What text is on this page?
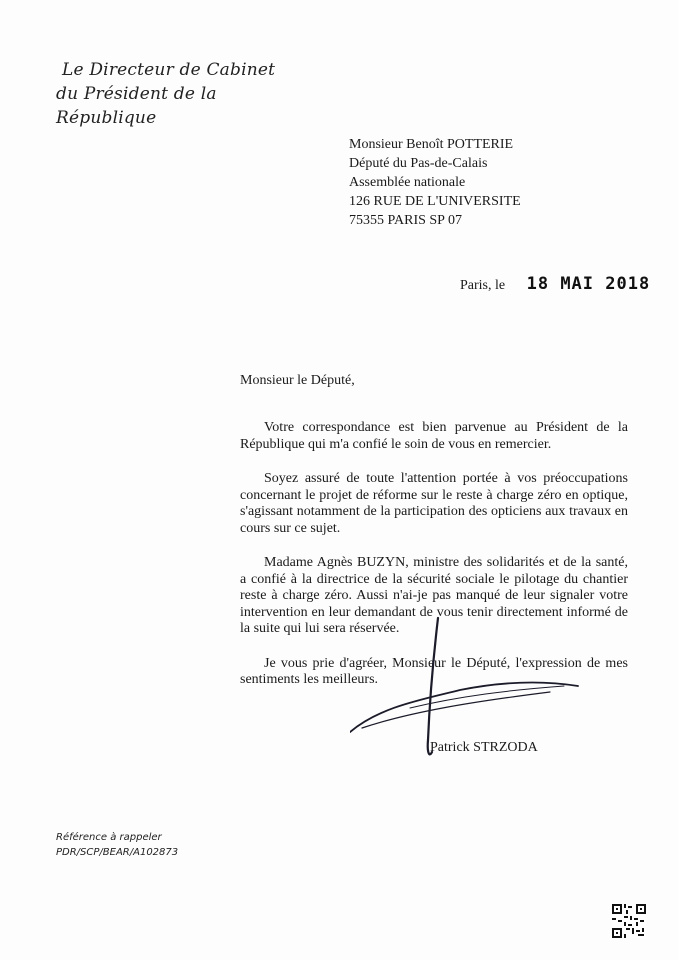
Le Directeur de Cabinet
du Président de la République
Monsieur Benoît POTTERIE
Député du Pas-de-Calais
Assemblée nationale
126 RUE DE L'UNIVERSITE
75355 PARIS SP 07
Paris, le 18 MAI 2018
Monsieur le Député,

Votre correspondance est bien parvenue au Président de la République qui m'a confié le soin de vous en remercier.

Soyez assuré de toute l'attention portée à vos préoccupations concernant le projet de réforme sur le reste à charge zéro en optique, s'agissant notamment de la participation des opticiens aux travaux en cours sur ce sujet.

Madame Agnès BUZYN, ministre des solidarités et de la santé, a confié à la directrice de la sécurité sociale le pilotage du chantier reste à charge zéro. Aussi n'ai-je pas manqué de leur signaler votre intervention en leur demandant de vous tenir directement informé de la suite qui lui sera réservée.

Je vous prie d'agréer, Monsieur le Député, l'expression de mes sentiments les meilleurs.

Patrick STRZODA
Référence à rappeler
PDR/SCP/BEAR/A102873
